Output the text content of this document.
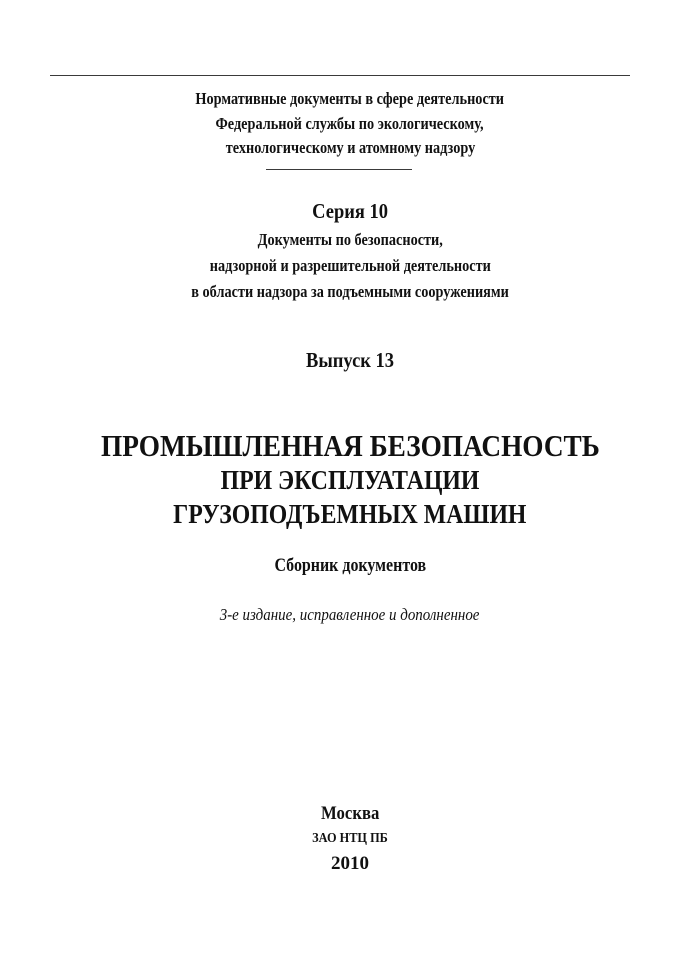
Нормативные документы в сфере деятельности
Федеральной службы по экологическому,
технологическому и атомному надзору
Серия 10
Документы по безопасности,
надзорной и разрешительной деятельности
в области надзора за подъемными сооружениями
Выпуск 13
ПРОМЫШЛЕННАЯ БЕЗОПАСНОСТЬ
ПРИ ЭКСПЛУАТАЦИИ
ГРУЗОПОДЪЕМНЫХ МАШИН
Сборник документов
3-е издание, исправленное и дополненное
Москва
ЗАО НТЦ ПБ
2010
